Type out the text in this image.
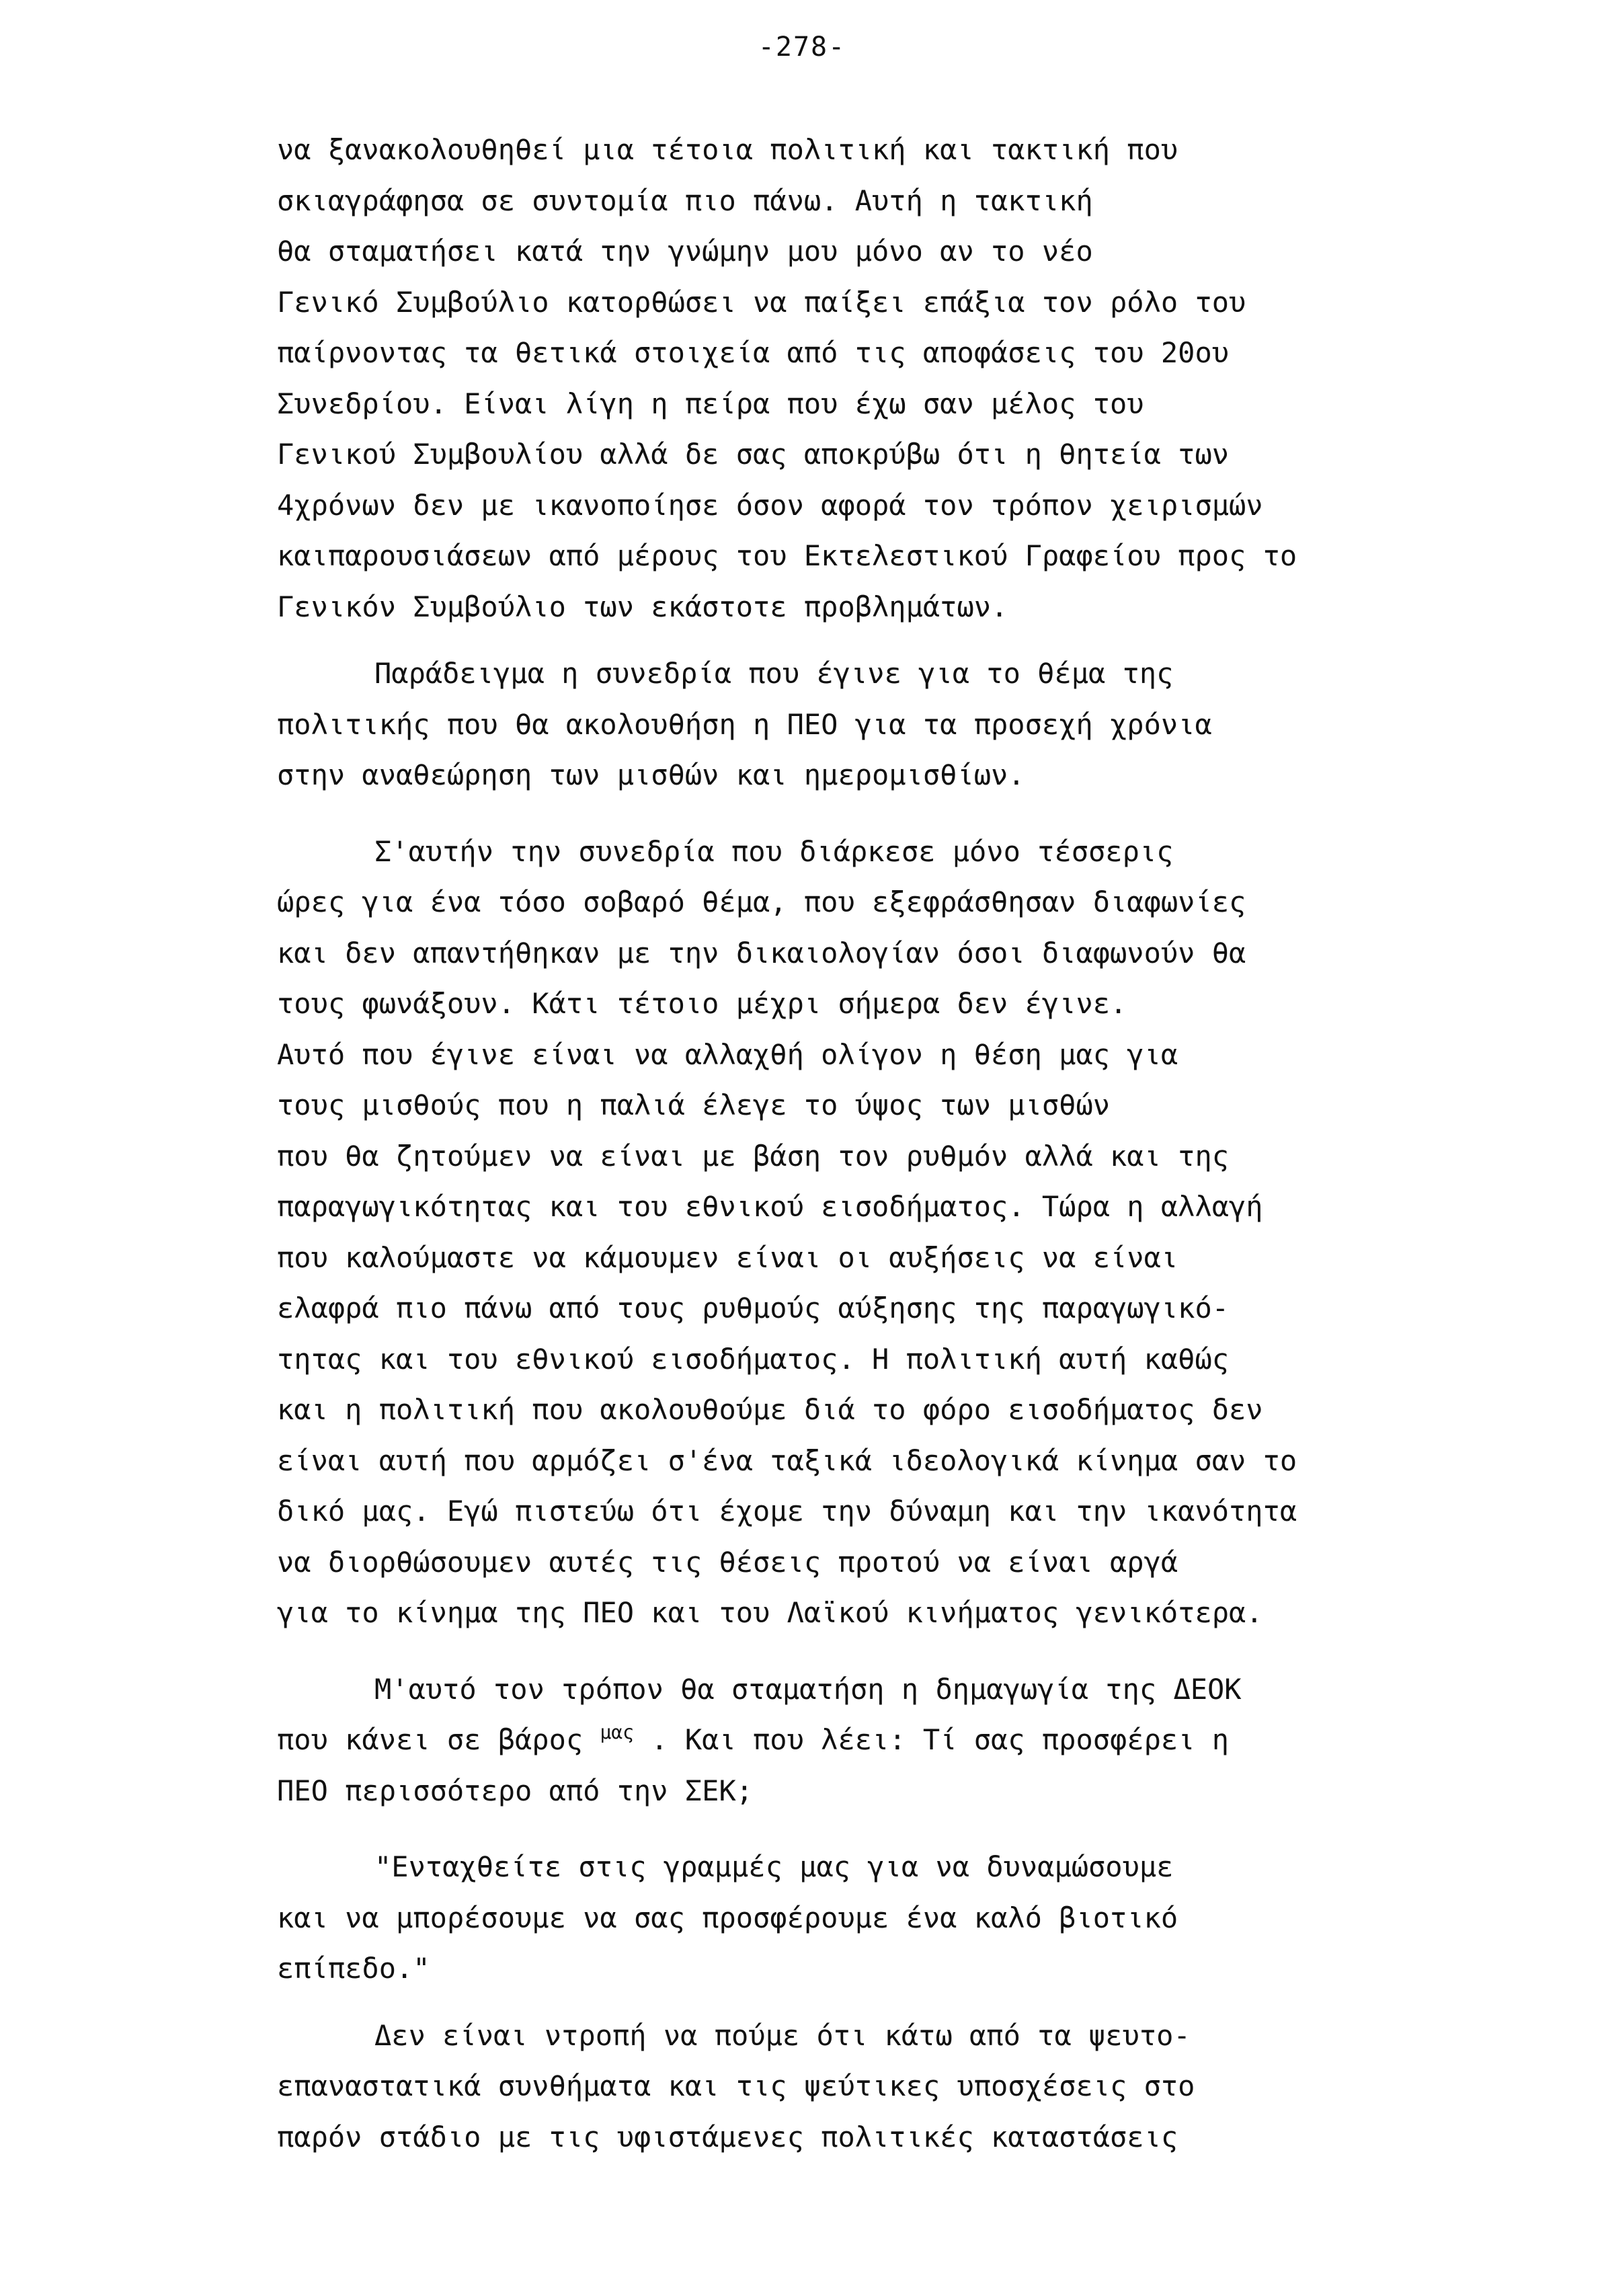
-278-
να ξανακολουθηθεί μια τέτοια πολιτική και τακτική που
σκιαγράφησα σε συντομία πιο πάνω. Αυτή η τακτική
θα σταματήσει κατά την γνώμην μου μόνο αν το νέο
Γενικό Συμβούλιο κατορθώσει να παίξει επάξια τον ρόλο του
παίρνοντας τα θετικά στοιχεία από τις αποφάσεις του 20ου
Συνεδρίου. Είναι λίγη η πείρα που έχω σαν μέλος του
Γενικού Συμβουλίου αλλά δε σας αποκρύβω ότι η θητεία των
4χρόνων δεν με ικανοποίησε όσον αφορά τον τρόπον χειρισμών
καιπαρουσιάσεων από μέρους του Εκτελεστικού Γραφείου προς το
Γενικόν Συμβούλιο των εκάστοτε προβλημάτων.
Παράδειγμα η συνεδρία που έγινε για το θέμα της
πολιτικής που θα ακολουθήση η ΠΕΟ για τα προσεχή χρόνια
στην αναθεώρηση των μισθών και ημερομισθίων.
Σ'αυτήν την συνεδρία που διάρκεσε μόνο τέσσερις
ώρες για ένα τόσο σοβαρό θέμα, που εξεφράσθησαν διαφωνίες
και δεν απαντήθηκαν με την δικαιολογίαν όσοι διαφωνούν θα
τους φωνάξουν. Κάτι τέτοιο μέχρι σήμερα δεν έγινε.
Αυτό που έγινε είναι να αλλαχθή ολίγον η θέση μας για
τους μισθούς που η παλιά έλεγε το ύψος των μισθών
που θα ζητούμεν να είναι με βάση τον ρυθμόν αλλά και της
παραγωγικότητας και του εθνικού εισοδήματος. Τώρα η αλλαγή
που καλούμαστε να κάμουμεν είναι οι αυξήσεις να είναι
ελαφρά πιο πάνω από τους ρυθμούς αύξησης της παραγωγικό-
τητας και του εθνικού εισοδήματος. Η πολιτική αυτή καθώς
και η πολιτική που ακολουθούμε διά το φόρο εισοδήματος δεν
είναι αυτή που αρμόζει σ'ένα ταξικά ιδεολογικά κίνημα σαν το
δικό μας. Εγώ πιστεύω ότι έχομε την δύναμη και την ικανότητα
να διορθώσουμεν αυτές τις θέσεις προτού να είναι αργά
για το κίνημα της ΠΕΟ και του Λαϊκού κινήματος γενικότερα.
Μ'αυτό τον τρόπον θα σταματήση η δημαγωγία της ΔΕΟΚ
που κάνει σε βάρος $^{\mu\alpha\varsigma}$ . Και που λέει: Τί σας προσφέρει η
ΠΕΟ περισσότερο από την ΣΕΚ;
"Ενταχθείτε στις γραμμές μας για να δυναμώσουμε
και να μπορέσουμε να σας προσφέρουμε ένα καλό βιοτικό
επίπεδο."
Δεν είναι ντροπή να πούμε ότι κάτω από τα ψευτο-
επαναστατικά συνθήματα και τις ψεύτικες υποσχέσεις στο
παρόν στάδιο με τις υφιστάμενες πολιτικές καταστάσεις
